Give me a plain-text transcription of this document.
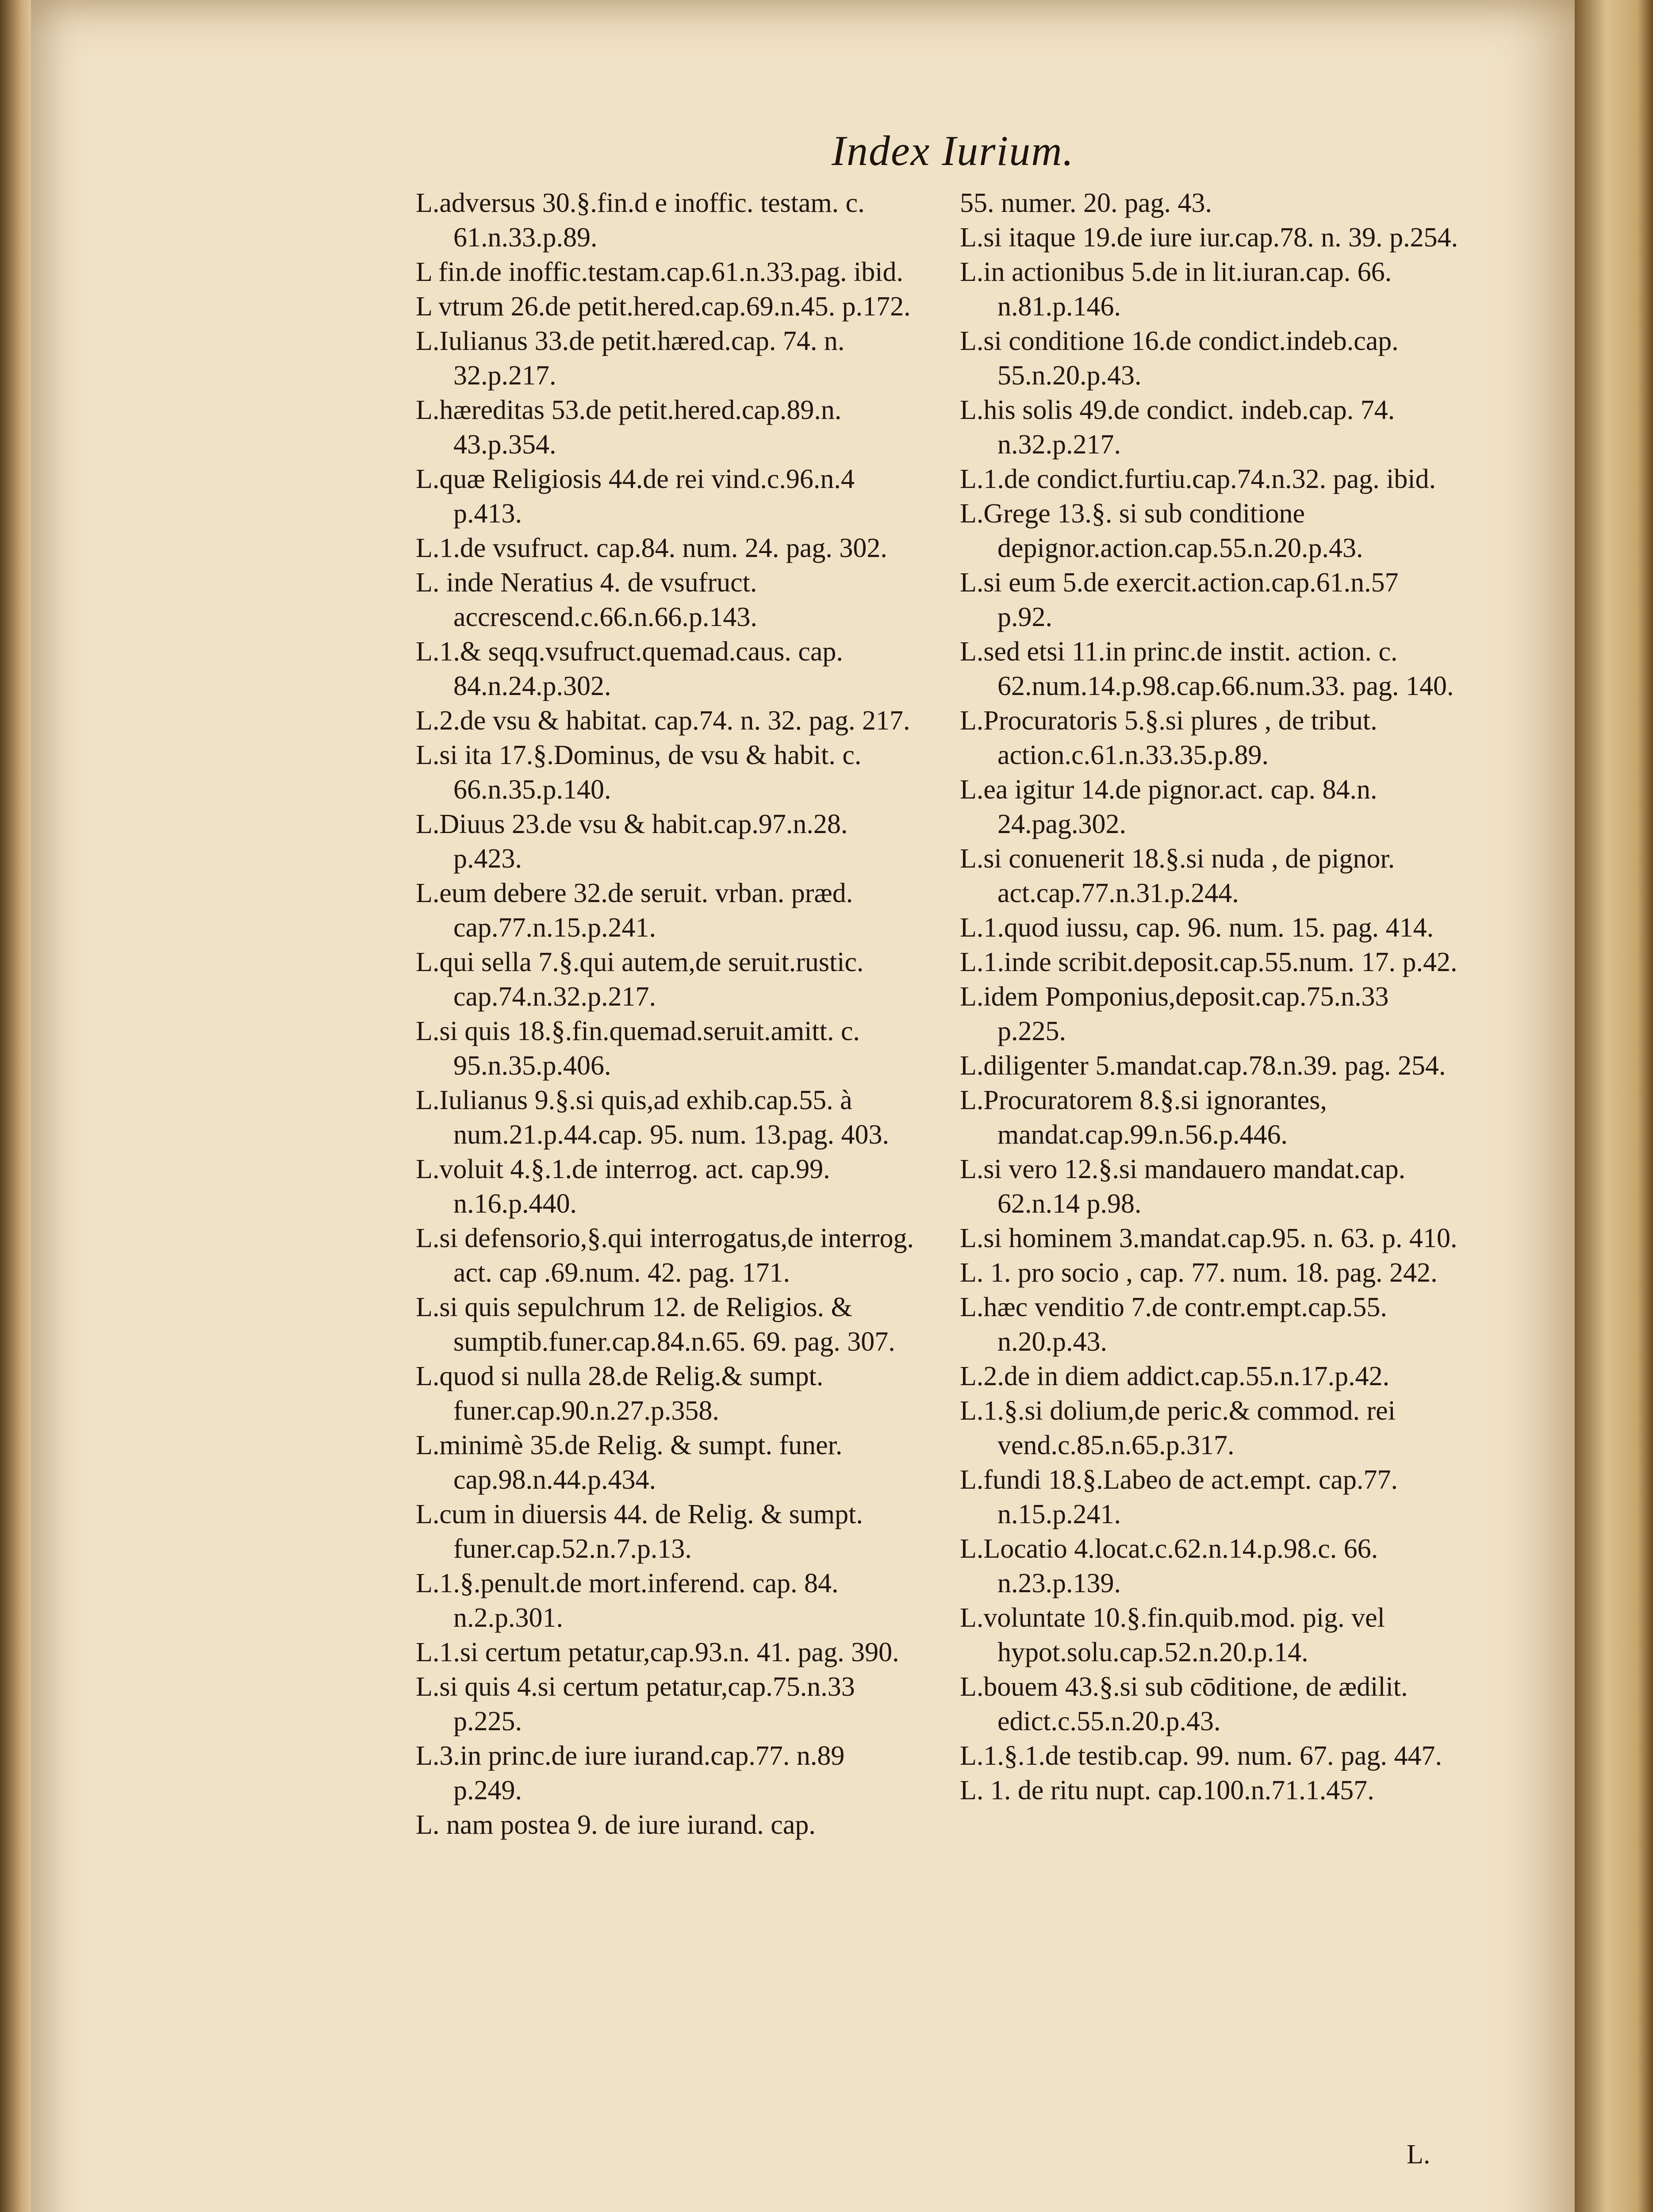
Index Iurium.

L.adversus 30.§.fin.d e inoffic. testam. c. 61.n.33.p.89.

L fin.de inoffic.testam.cap.61.n.33.pag. ibid.

L vtrum 26.de petit.hered.cap.69.n.45. p.172.

L.Iulianus 33.de petit.hæred.cap. 74. n. 32.p.217.

L.hæreditas 53.de petit.hered.cap.89.n. 43.p.354.

L.quæ Religiosis 44.de rei vind.c.96.n.4 p.413.

L.1.de vsufruct. cap.84. num. 24. pag. 302.

L. inde Neratius 4. de vsufruct. accrescend.c.66.n.66.p.143.

L.1.& seqq.vsufruct.quemad.caus. cap. 84.n.24.p.302.

L.2.de vsu & habitat. cap.74. n. 32. pag. 217.

L.si ita 17.§.Dominus, de vsu & habit. c. 66.n.35.p.140.

L.Diuus 23.de vsu & habit.cap.97.n.28. p.423.

L.eum debere 32.de seruit. vrban. præd. cap.77.n.15.p.241.

L.qui sella 7.§.qui autem,de seruit.rustic. cap.74.n.32.p.217.

L.si quis 18.§.fin.quemad.seruit.amitt. c. 95.n.35.p.406.

L.Iulianus 9.§.si quis,ad exhib.cap.55. à num.21.p.44.cap. 95. num. 13.pag. 403.

L.voluit 4.§.1.de interrog. act. cap.99. n.16.p.440.

L.si defensorio,§.qui interrogatus,de interrog. act. cap .69.num. 42. pag. 171.

L.si quis sepulchrum 12. de Religios. & sumptib.funer.cap.84.n.65. 69. pag. 307.

L.quod si nulla 28.de Relig.& sumpt. funer.cap.90.n.27.p.358.

L.minimè 35.de Relig. & sumpt. funer. cap.98.n.44.p.434.

L.cum in diuersis 44. de Relig. & sumpt. funer.cap.52.n.7.p.13.

L.1.§.penult.de mort.inferend. cap. 84. n.2.p.301.

L.1.si certum petatur,cap.93.n. 41. pag. 390.

L.si quis 4.si certum petatur,cap.75.n.33 p.225.

L.3.in princ.de iure iurand.cap.77. n.89 p.249.

L. nam postea 9. de iure iurand. cap.

55. numer. 20. pag. 43.

L.si itaque 19.de iure iur.cap.78. n. 39. p.254.

L.in actionibus 5.de in lit.iuran.cap. 66. n.81.p.146.

L.si conditione 16.de condict.indeb.cap. 55.n.20.p.43.

L.his solis 49.de condict. indeb.cap. 74. n.32.p.217.

L.1.de condict.furtiu.cap.74.n.32. pag. ibid.

L.Grege 13.§. si sub conditione depignor.action.cap.55.n.20.p.43.

L.si eum 5.de exercit.action.cap.61.n.57 p.92.

L.sed etsi 11.in princ.de instit. action. c. 62.num.14.p.98.cap.66.num.33. pag. 140.

L.Procuratoris 5.§.si plures , de tribut. action.c.61.n.33.35.p.89.

L.ea igitur 14.de pignor.act. cap. 84.n. 24.pag.302.

L.si conuenerit 18.§.si nuda , de pignor. act.cap.77.n.31.p.244.

L.1.quod iussu, cap. 96. num. 15. pag. 414.

L.1.inde scribit.deposit.cap.55.num. 17. p.42.

L.idem Pomponius,deposit.cap.75.n.33 p.225.

L.diligenter 5.mandat.cap.78.n.39. pag. 254.

L.Procuratorem 8.§.si ignorantes, mandat.cap.99.n.56.p.446.

L.si vero 12.§.si mandauero mandat.cap. 62.n.14 p.98.

L.si hominem 3.mandat.cap.95. n. 63. p. 410.

L. 1. pro socio , cap. 77. num. 18. pag. 242.

L.hæc venditio 7.de contr.empt.cap.55. n.20.p.43.

L.2.de in diem addict.cap.55.n.17.p.42.

L.1.§.si dolium,de peric.& commod. rei vend.c.85.n.65.p.317.

L.fundi 18.§.Labeo de act.empt. cap.77. n.15.p.241.

L.Locatio 4.locat.c.62.n.14.p.98.c. 66. n.23.p.139.

L.voluntate 10.§.fin.quib.mod. pig. vel hypot.solu.cap.52.n.20.p.14.

L.bouem 43.§.si sub cōditione, de ædilit. edict.c.55.n.20.p.43.

L.1.§.1.de testib.cap. 99. num. 67. pag. 447.

L. 1. de ritu nupt. cap.100.n.71.1.457.

L.
